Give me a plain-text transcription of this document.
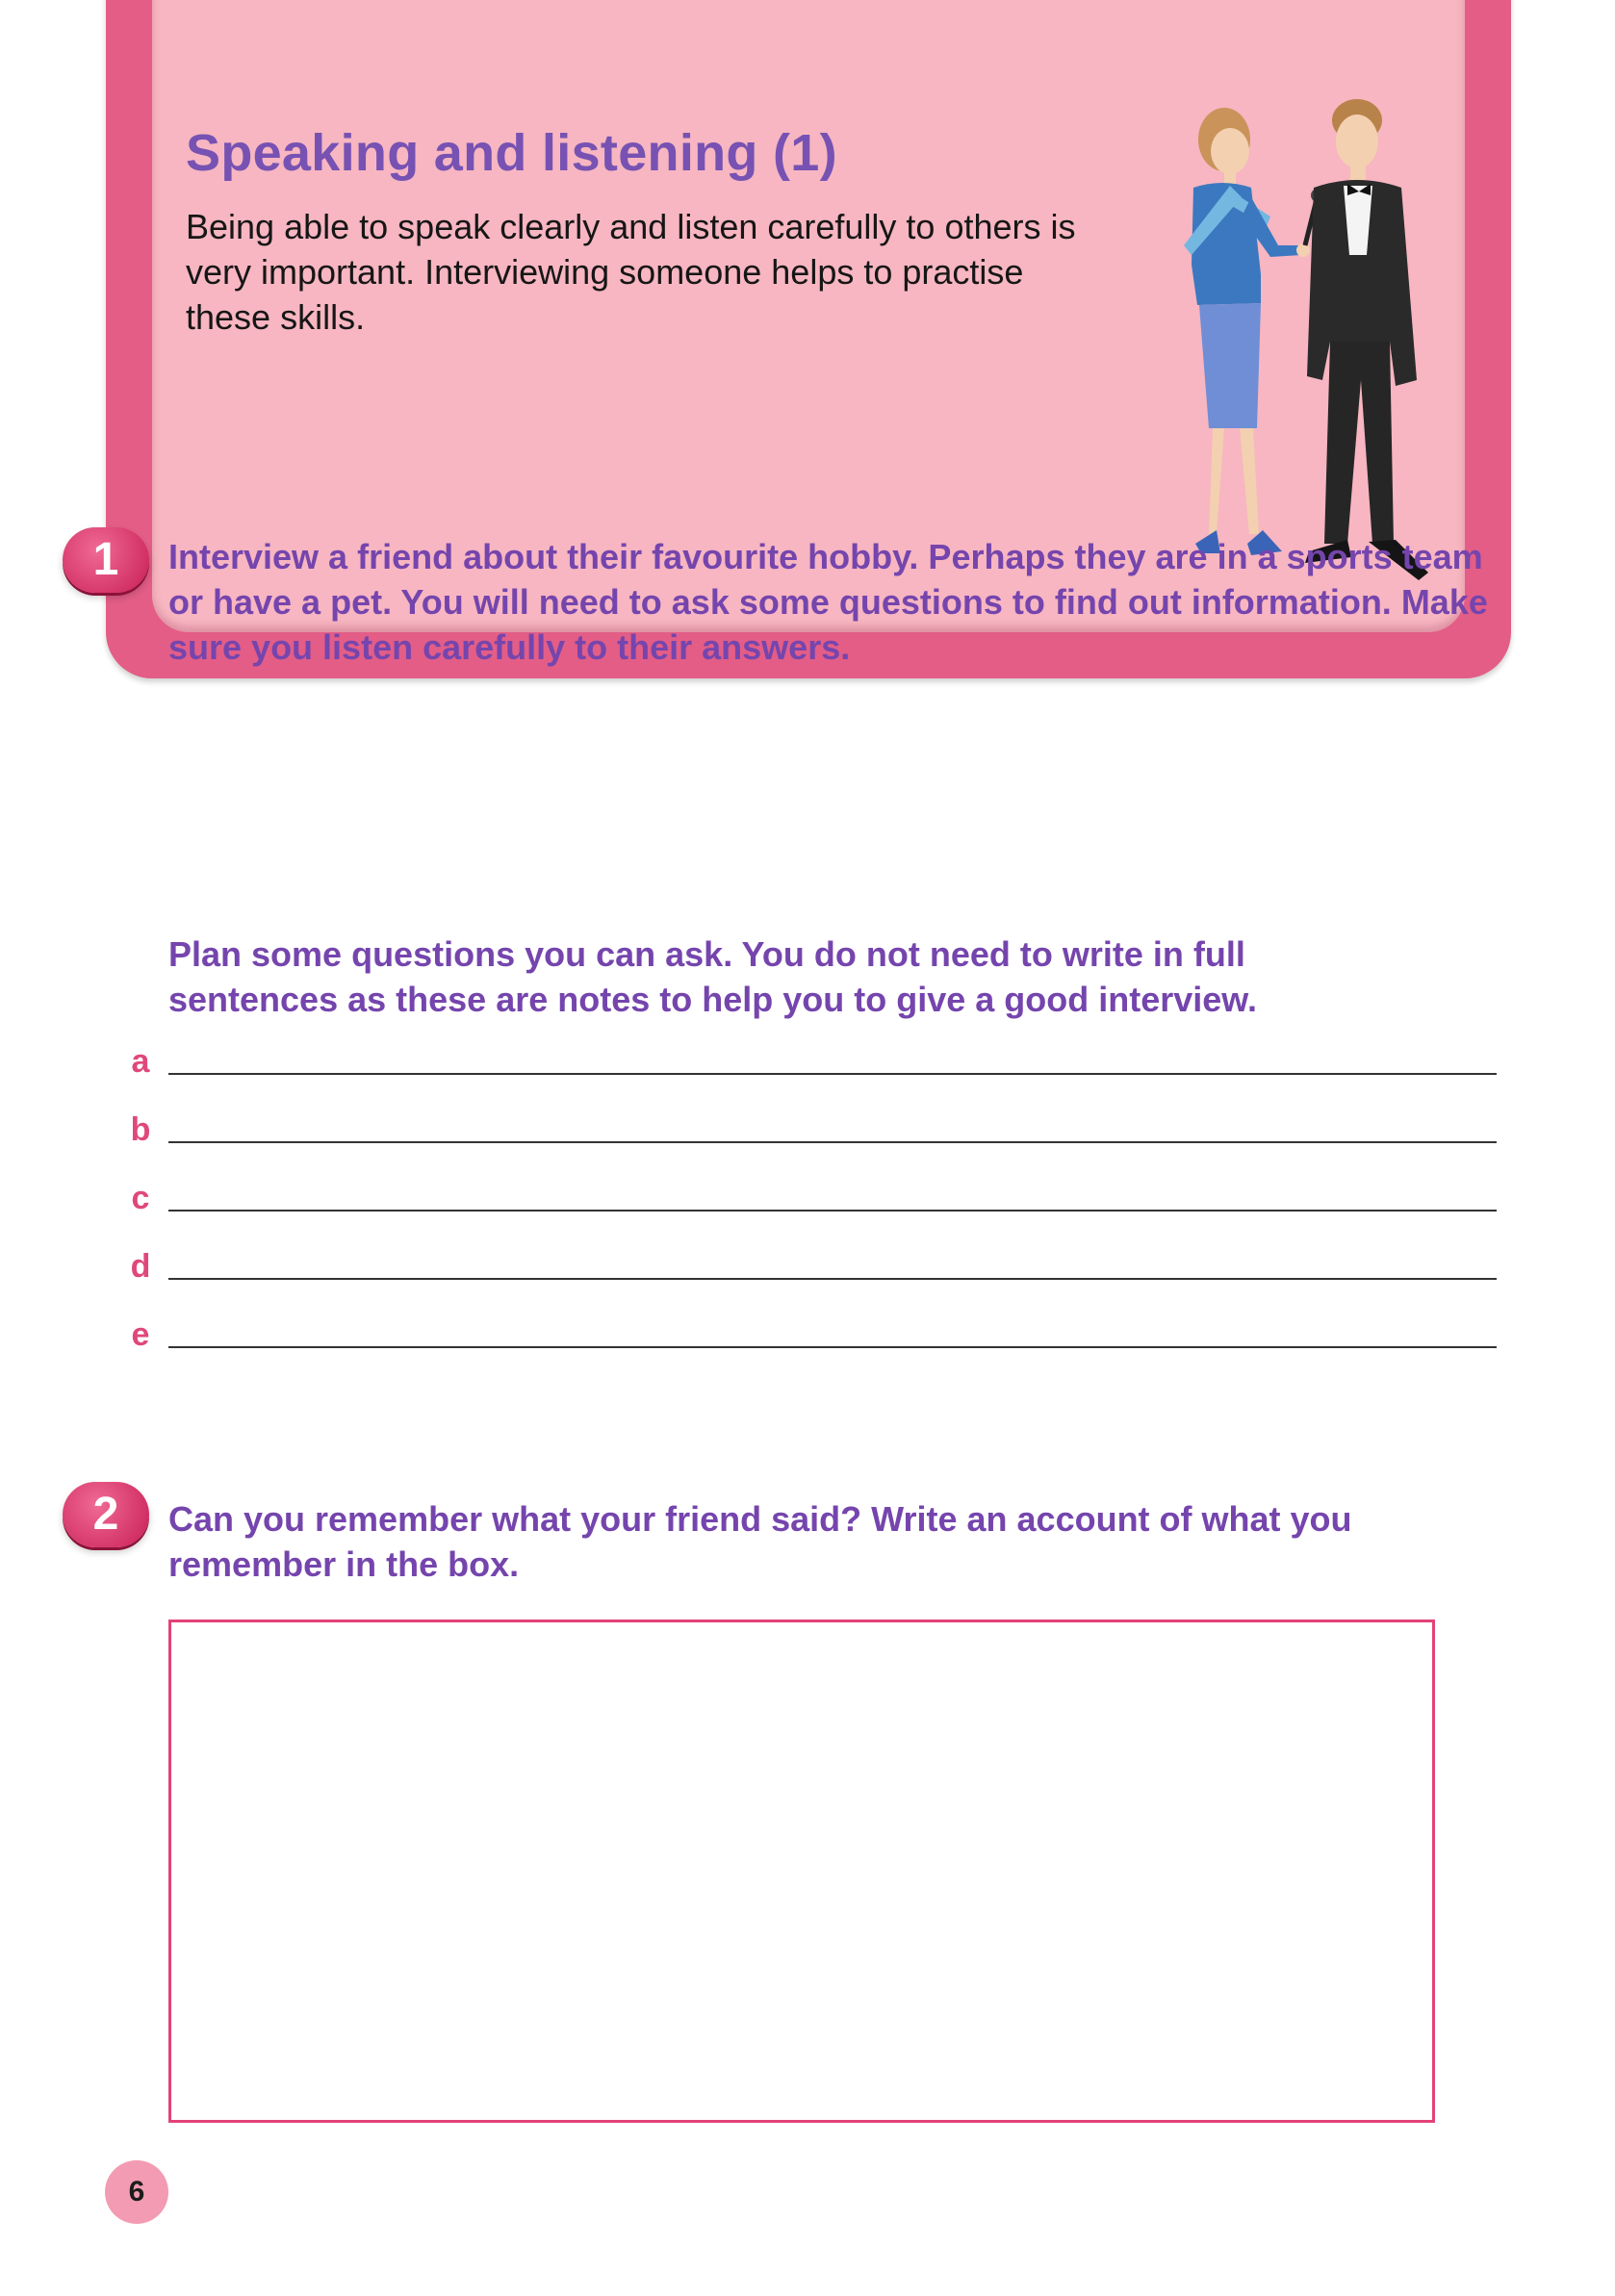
Speaking and listening (1)

Being able to speak clearly and listen carefully to others is very important. Interviewing someone helps to practise these skills.

1	Interview a friend about their favourite hobby. Perhaps they are in a sports team or have a pet. You will need to ask some questions to find out information. Make sure you listen carefully to their answers.

Plan some questions you can ask. You do not need to write in full sentences as these are notes to help you to give a good interview.

a
b
c
d
e
2	Can you remember what your friend said? Write an account of what you remember in the box.

6
